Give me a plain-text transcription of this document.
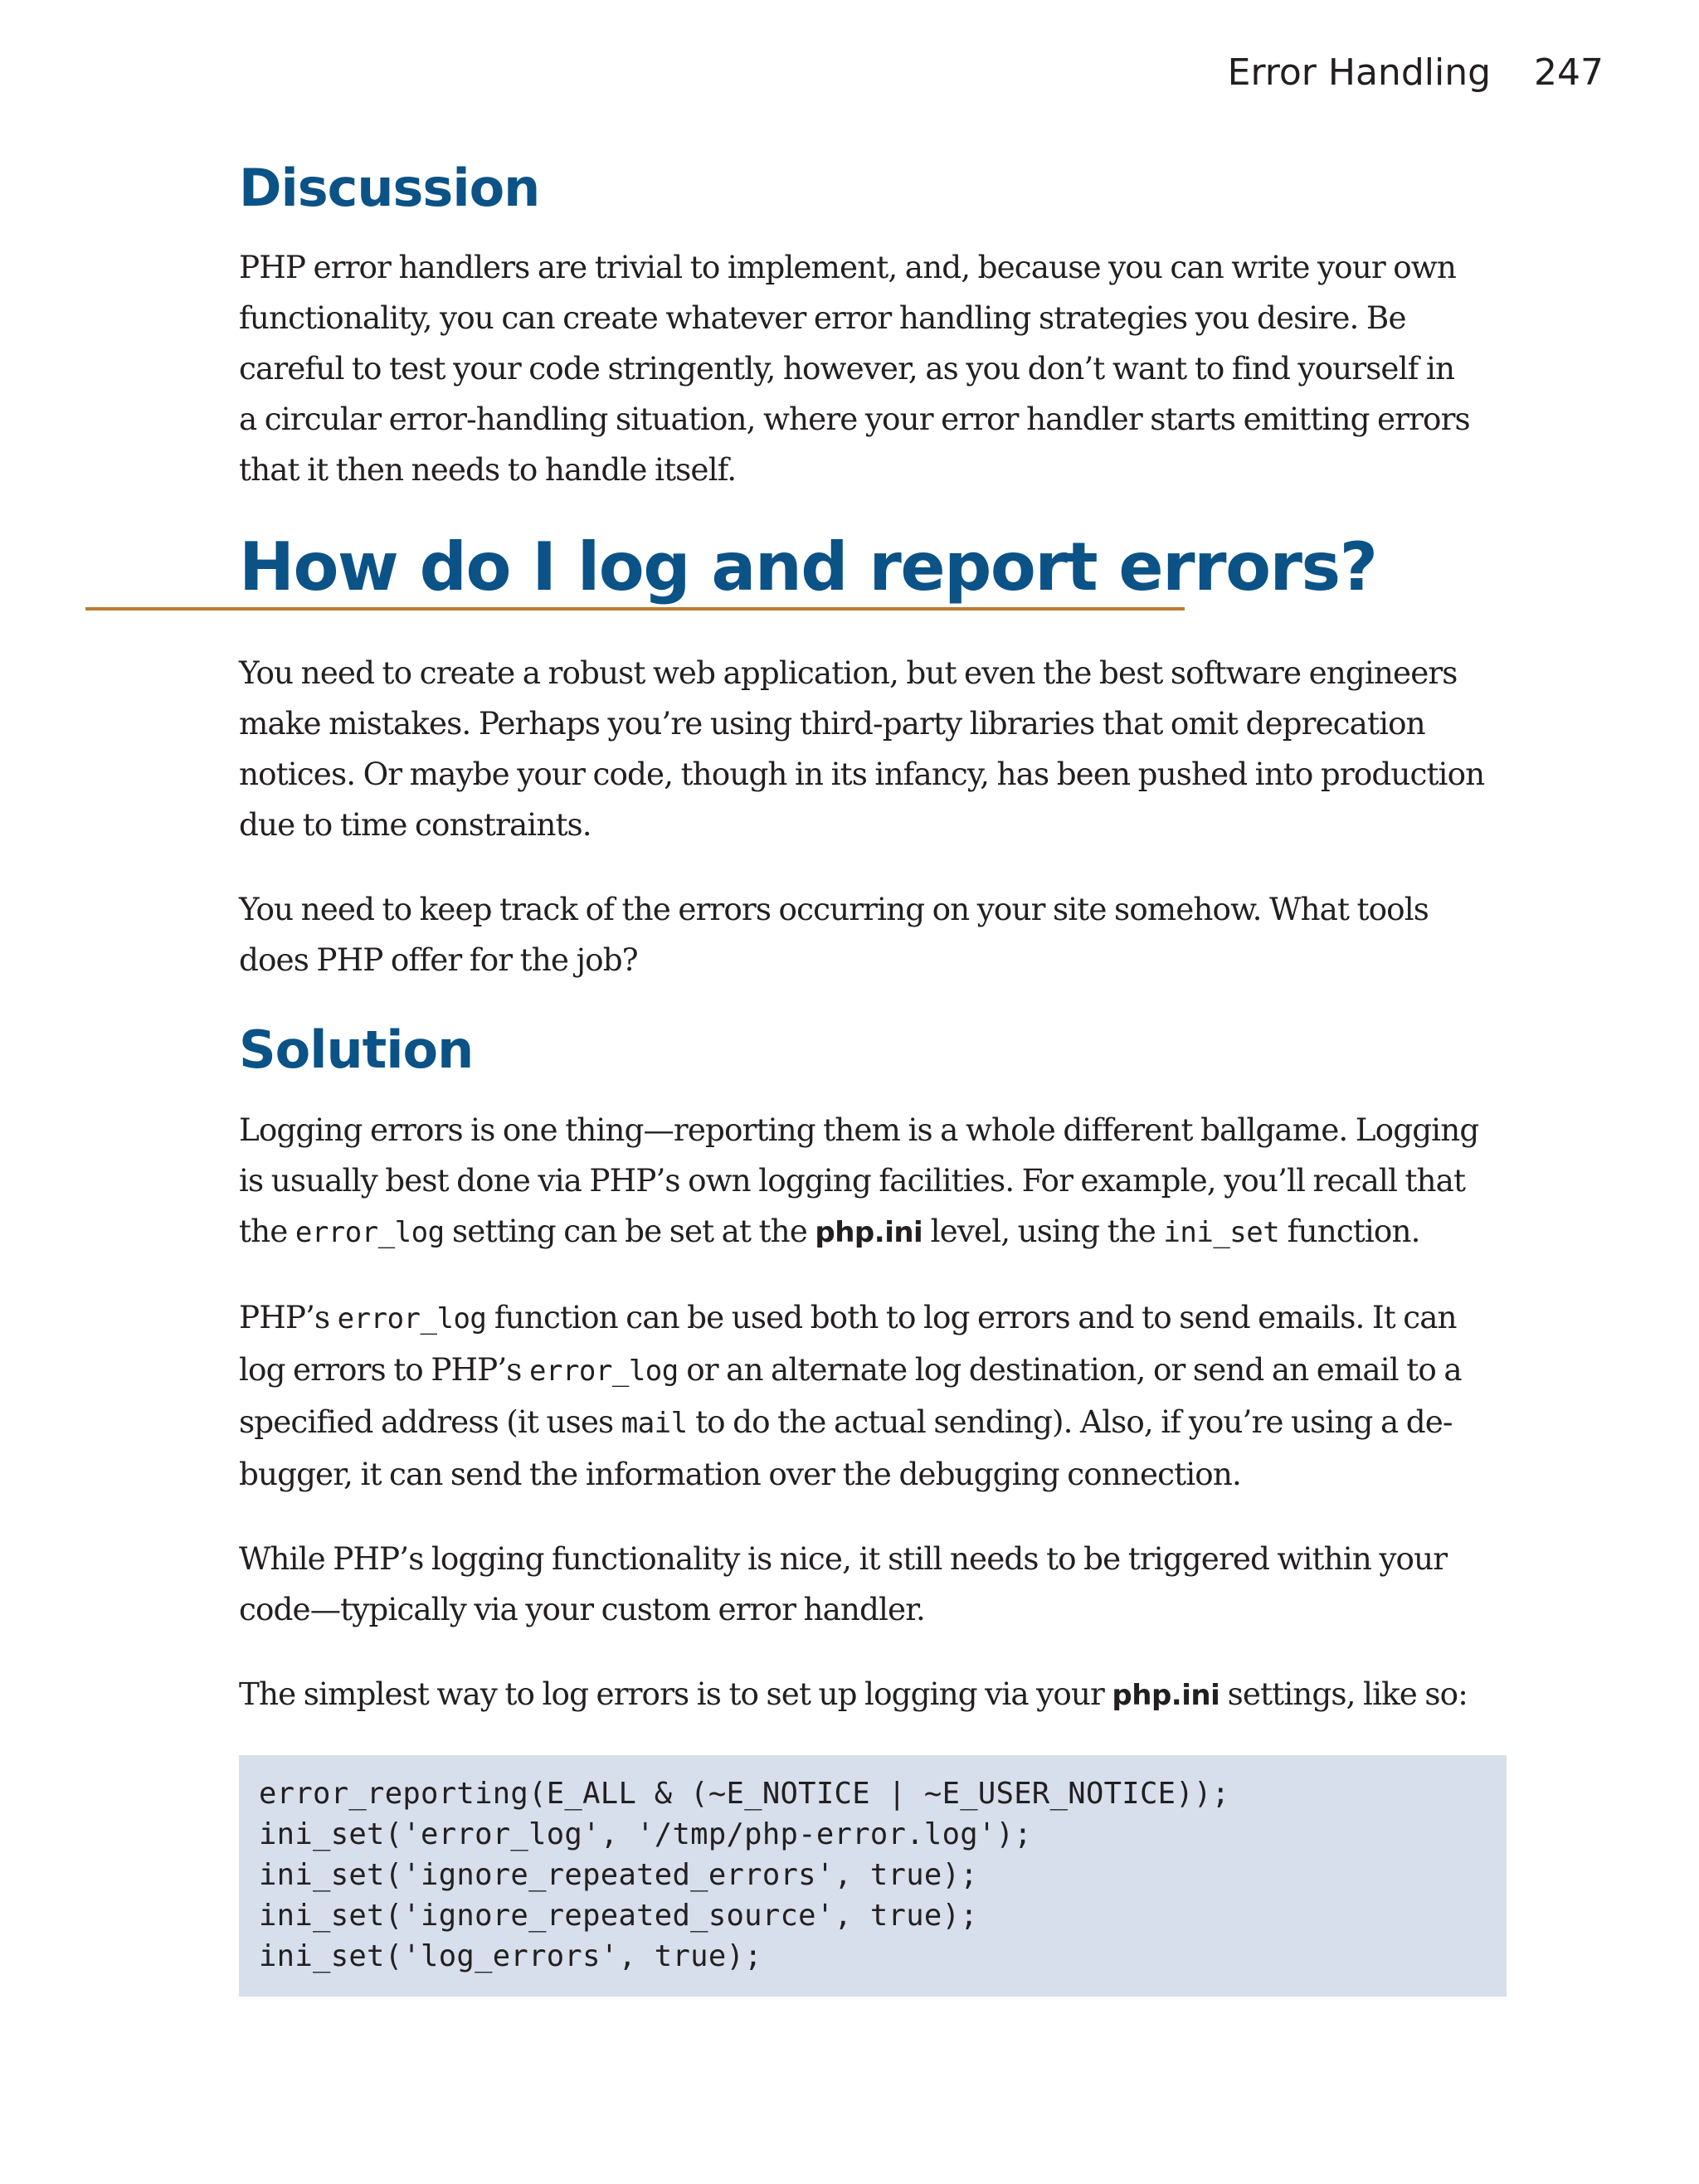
Error Handling 247
Discussion

PHP error handlers are trivial to implement, and, because you can write your own
functionality, you can create whatever error handling strategies you desire. Be
careful to test your code stringently, however, as you don’t want to find yourself in
a circular error-handling situation, where your error handler starts emitting errors
that it then needs to handle itself.

How do I log and report errors?

You need to create a robust web application, but even the best software engineers
make mistakes. Perhaps you’re using third-party libraries that omit deprecation
notices. Or maybe your code, though in its infancy, has been pushed into production
due to time constraints.

You need to keep track of the errors occurring on your site somehow. What tools
does PHP offer for the job?

Solution

Logging errors is one thing—reporting them is a whole different ballgame. Logging
is usually best done via PHP’s own logging facilities. For example, you’ll recall that
the error_log setting can be set at the php.ini level, using the ini_set function.

PHP’s error_log function can be used both to log errors and to send emails. It can
log errors to PHP’s error_log or an alternate log destination, or send an email to a
specified address (it uses mail to do the actual sending). Also, if you’re using a de-
bugger, it can send the information over the debugging connection.

While PHP’s logging functionality is nice, it still needs to be triggered within your
code—typically via your custom error handler.

The simplest way to log errors is to set up logging via your php.ini settings, like so:

error_reporting(E_ALL & (~E_NOTICE | ~E_USER_NOTICE));
ini_set('error_log', '/tmp/php-error.log');
ini_set('ignore_repeated_errors', true);
ini_set('ignore_repeated_source', true);
ini_set('log_errors', true);
